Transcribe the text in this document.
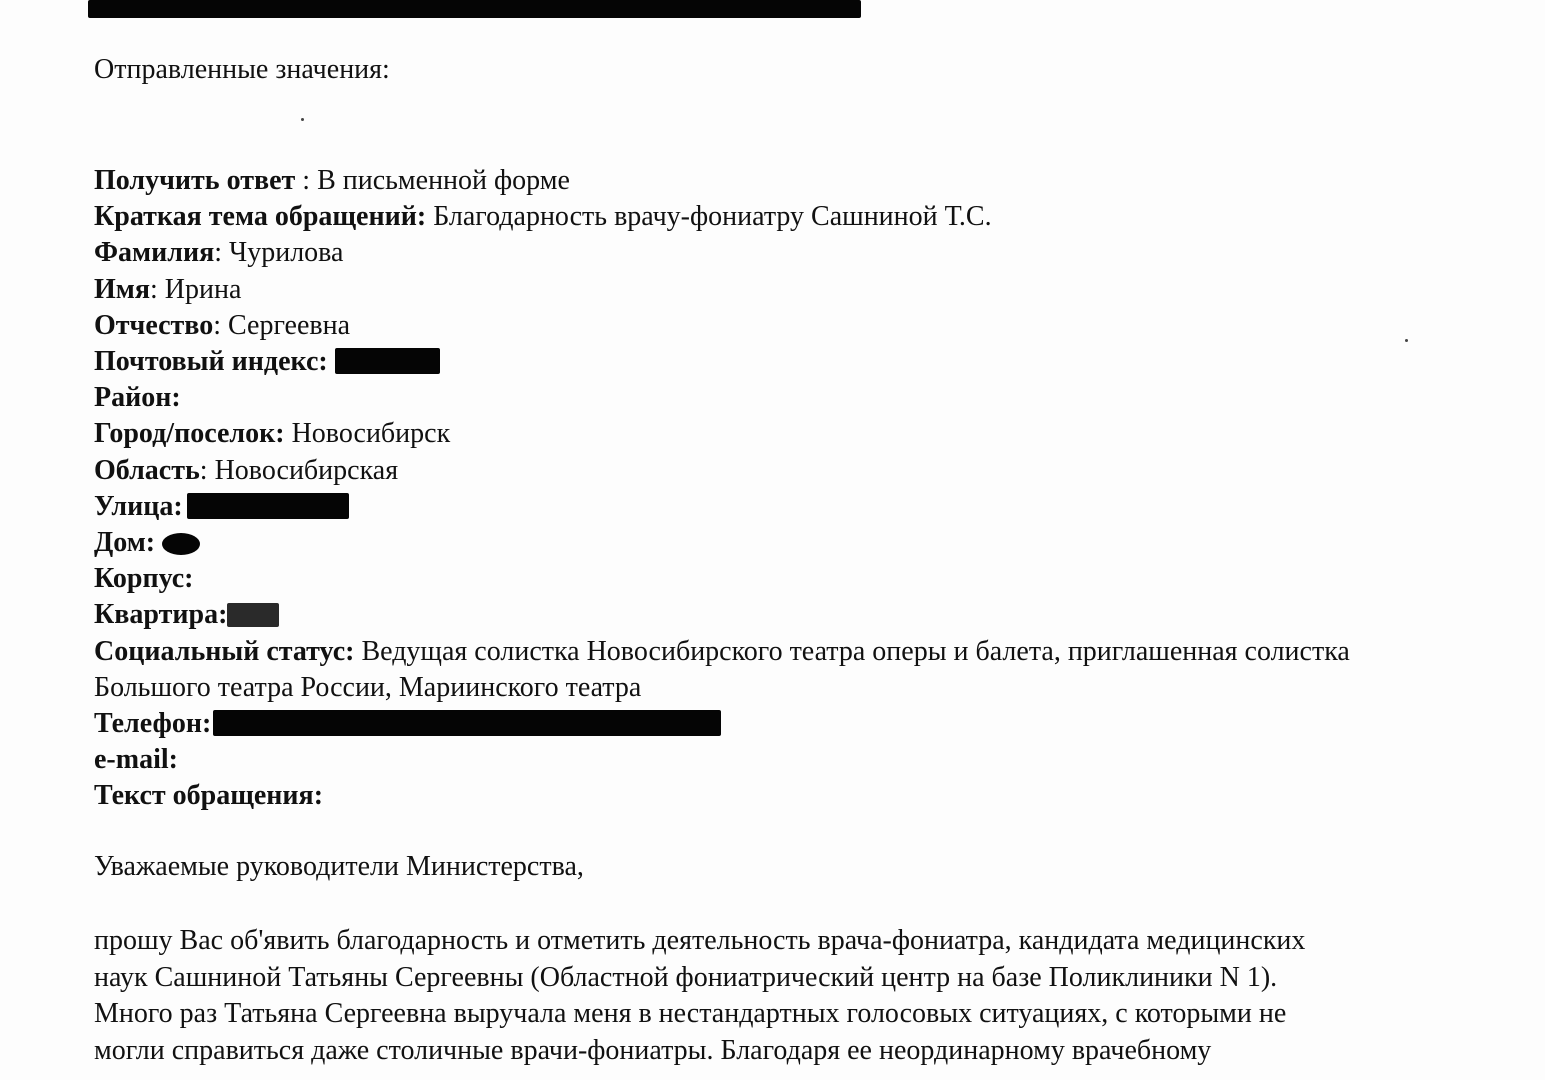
Отправленные значения:
Получить ответ : В письменной форме
Краткая тема обращений: Благодарность врачу-фониатру Сашниной Т.С.
Фамилия: Чурилова
Имя: Ирина
Отчество: Сергеевна
Почтовый индекс:
Район:
Город/поселок: Новосибирск
Область: Новосибирская
Улица:
Дом:
Корпус:
Квартира:
Социальный статус: Ведущая солистка Новосибирского театра оперы и балета, приглашенная солистка Большого театра России, Мариинского театра
Телефон:
e-mail:
Текст обращения:
Уважаемые руководители Министерства,
прошу Вас об'явить благодарность и отметить деятельность врача-фониатра, кандидата медицинских
наук Сашниной Татьяны Сергеевны (Областной фониатрический центр на базе Поликлиники N 1).
Много раз Татьяна Сергеевна выручала меня в нестандартных голосовых ситуациях, с которыми не
могли справиться даже столичные врачи-фониатры. Благодаря ее неординарному врачебному
